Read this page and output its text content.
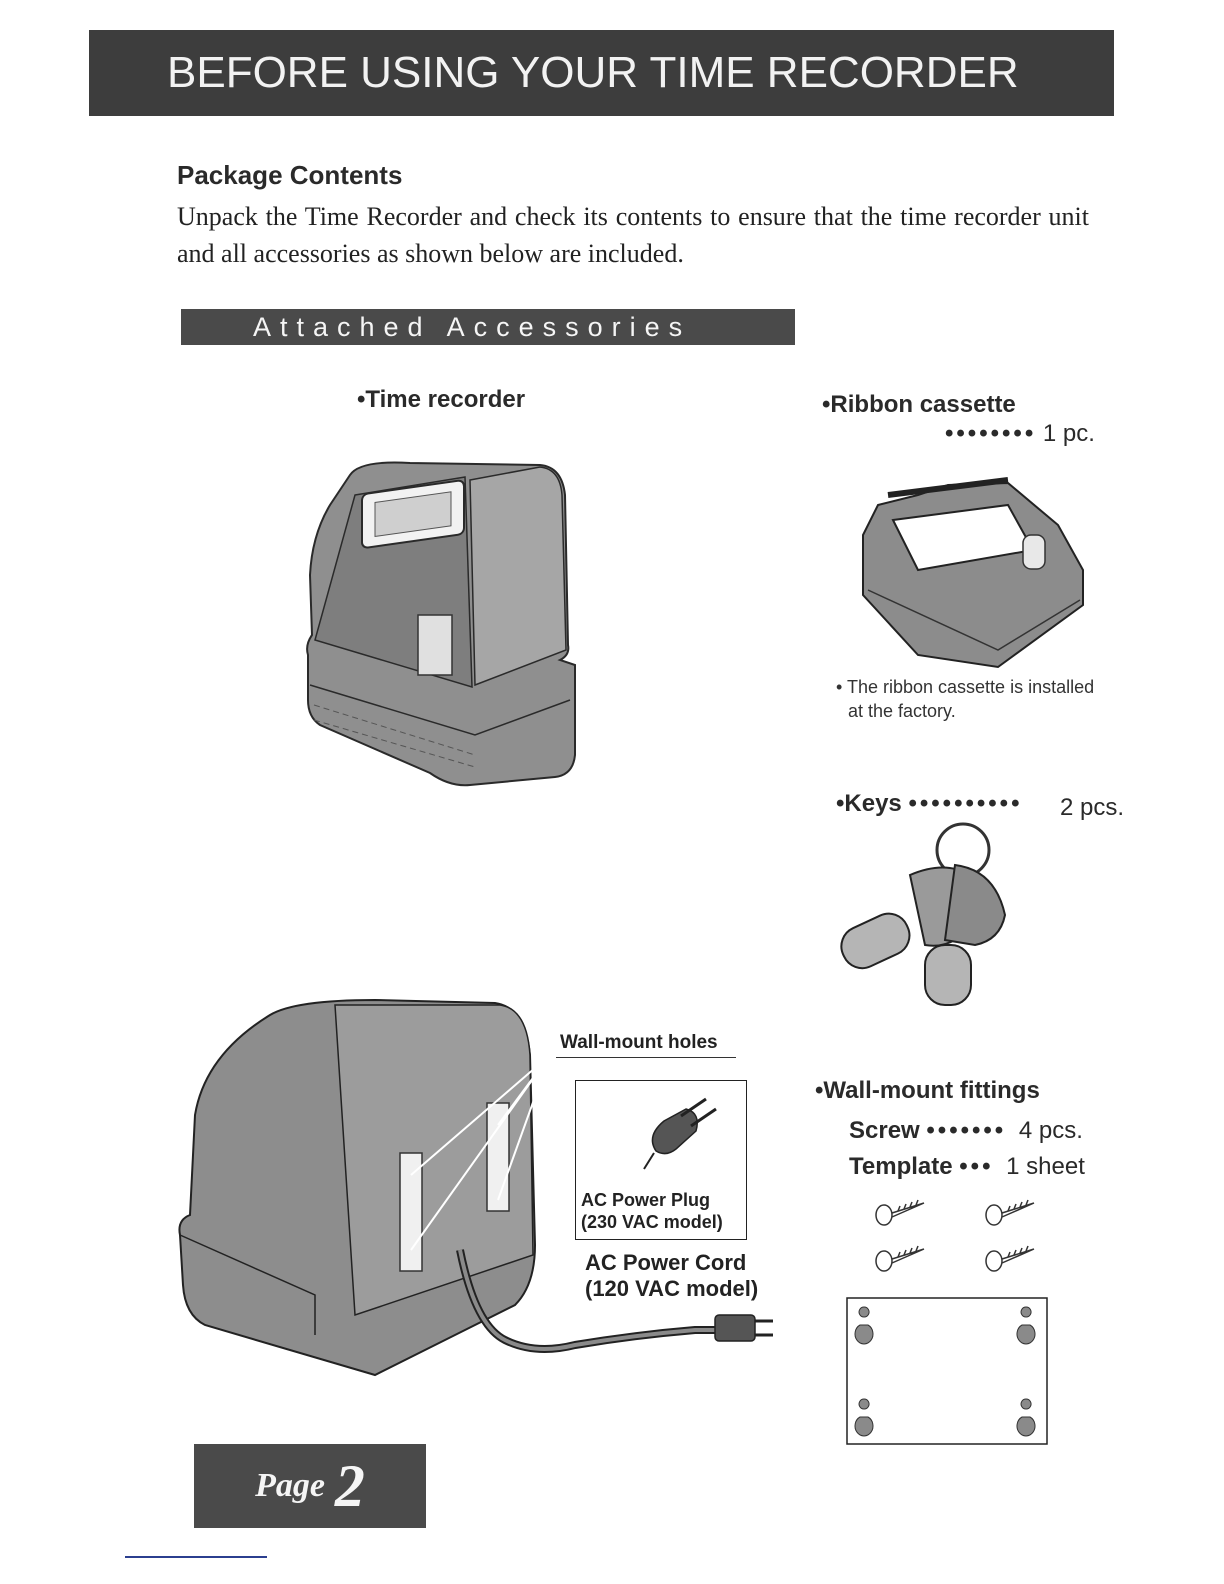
BEFORE USING YOUR TIME RECORDER
Package Contents
Unpack the Time Recorder and check its contents to ensure that the time recorder unit and all accessories as shown below are included.
Attached Accessories
•Time recorder	•Ribbon cassette
•••••••• 1 pc.
• The ribbon cassette is installed
at the factory.
•Keys •••••••••• 2 pcs.
Wall-mount holes
AC Power Plug
(230 VAC model)
AC Power Cord
(120 VAC model)
•Wall-mount fittings
Screw ••••••• 4 pcs.
Template ••• 1 sheet
Page 2
